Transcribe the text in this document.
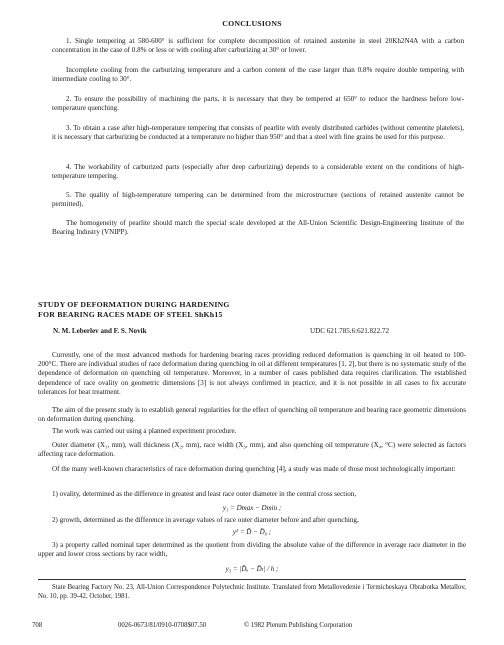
CONCLUSIONS
1. Single tempering at 580-600° is sufficient for complete decomposition of retained austenite in steel 20Kh2N4A with a carbon concentration in the case of 0.8% or less or with cooling after carburizing at 30° or lower.
Incomplete cooling from the carburizing temperature and a carbon content of the case larger than 0.8% require double tempering with intermediate cooling to 30°.
2. To ensure the possibility of machining the parts, it is necessary that they be tempered at 650° to reduce the hardness before low-temperature quenching.
3. To obtain a case after high-temperature tempering that consists of pearlite with evenly distributed carbides (without cementite platelets), it is necessary that carburizing be conducted at a temperature no higher than 950° and that a steel with fine grains be used for this purpose.
4. The workability of carburized parts (especially after deep carburizing) depends to a considerable extent on the conditions of high-temperature tempering.
5. The quality of high-temperature tempering can be determined from the microstructure (sections of retained austenite cannot be permitted).
The homogeneity of pearlite should match the special scale developed at the All-Union Scientific Design-Engineering Institute of the Bearing Industry (VNIPP).
STUDY OF DEFORMATION DURING HARDENING
FOR BEARING RACES MADE OF STEEL ShKh15
N. M. Leberlev and F. S. Novik	UDC 621.785.6:621.822.72
Currently, one of the most advanced methods for hardening bearing races providing reduced deformation is quenching in oil heated to 100-200°C. There are individual studies of race deformation during quenching in oil at different temperatures [1, 2], but there is no systematic study of the dependence of deformation on quenching oil temperature. Moreover, in a number of cases published data requires clarification. The established dependence of race ovality on geometric dimensions [3] is not always confirmed in practice, and it is not possible in all cases to fix accurate tolerances for heat treatment.
The aim of the present study is to establish general regularities for the effect of quenching oil temperature and bearing race geometric dimensions on deformation during quenching.
The work was carried out using a planned experiment procedure.
Outer diameter (X₁, mm), wall thickness (X₂, mm), race width (X₃, mm), and also quenching oil temperature (X₄, °C) were selected as factors affecting race deformation.
Of the many well-known characteristics of race deformation during quenching [4], a study was made of those most technologically important:
1) ovality, determined as the difference in greatest and least race outer diameter in the central cross section,
y₁ = Dmax − Dmin ;
2) growth, determined as the difference in average values of race outer diameter before and after quenching,
y² = D̄ − D̄₀ ;
3) a property called nominal taper determined as the quotient from dividing the absolute value of the difference in average race diameter in the upper and lower cross sections by race width,
y₃ = |D̄ᵤ − D̄ₗ| / h ;
State Bearing Factory No. 23, All-Union Correspondence Polytechnic Institute. Translated from Metallovedenie i Termicheskaya Obrabotka Metallov, No. 10, pp. 39-42, October, 1981.
708	0026-0673/81/0910-0708$07.50	© 1982 Plenum Publishing Corporation
